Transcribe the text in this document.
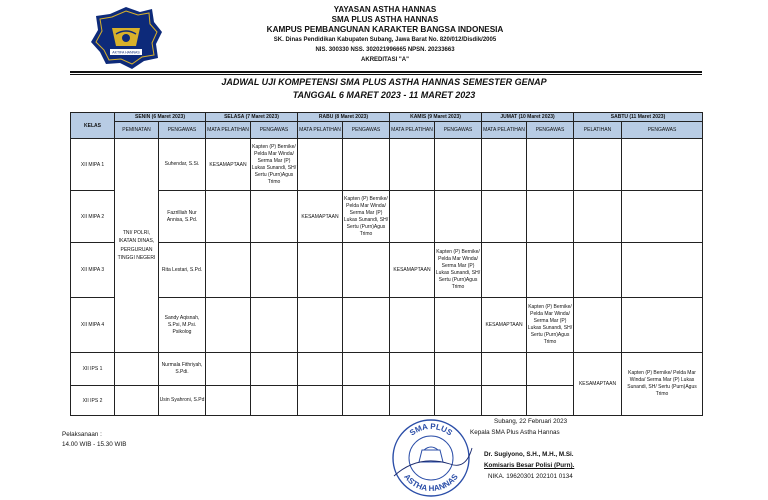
AKTIFA HANNAS
YAYASAN ASTHA HANNAS
SMA PLUS ASTHA HANNAS
KAMPUS PEMBANGUNAN KARAKTER BANGSA INDONESIA
SK. Dinas Pendidikan Kabupaten Subang, Jawa Barat No. 820/012/Disdik/2005
NIS. 300330 NSS. 302021996665 NPSN. 20233663
AKREDITASI "A"
JADWAL UJI KOMPETENSI SMA PLUS ASTHA HANNAS SEMESTER GENAP
TANGGAL 6 MARET 2023 - 11 MARET 2023
KELAS	SENIN (6 Maret 2023)		SELASA (7 Maret 2023)		RABU (8 Maret 2023)		KAMIS (9 Maret 2023)		JUMAT (10 Maret 2023)		SABTU (11 Maret 2023)	
	PEMINATAN	PENGAWAS	MATA PELATIHAN	PENGAWAS	MATA PELATIHAN	PENGAWAS	MATA PELATIHAN	PENGAWAS	MATA PELATIHAN	PENGAWAS	PELATIHAN	PENGAWAS
XII MIPA 1	TNI/ POLRI, IKATAN DINAS, PERGURUAN TINGGI NEGERI	Suhendar, S.Si.	KESAMAPTAAN	Kapten (P) Bernike/ Pelda Mar Winda/ Serma Mar (P) Lukas Sunandi, SH/ Sertu (Purn)Agus Trimo								
XII MIPA 2		Fazrilliah Nur Annisa, S.Pd.			KESAMAPTAAN	Kapten (P) Bernike/ Pelda Mar Winda/ Serma Mar (P) Lukas Sunandi, SH/ Sertu (Purn)Agus Trimo						
XII MIPA 3		Rita Lestari, S.Pd.					KESAMAPTAAN	Kapten (P) Bernike/ Pelda Mar Winda/ Serma Mar (P) Lukas Sunandi, SH/ Sertu (Purn)Agus Trimo				
XII MIPA 4		Sandy Aqisnah, S.Psi, M.Psi. Psikolog							KESAMAPTAAN	Kapten (P) Bernike/ Pelda Mar Winda/ Serma Mar (P) Lukas Sunandi, SH/ Sertu (Purn)Agus Trimo		
XII IPS 1		Nurmala Fithriyah, S.Pdi.									KESAMAPTAAN	Kapten (P) Bernike/ Pelda Mar Winda/ Serma Mar (P) Lukas Sunandi, SH/ Sertu (Purn)Agus Trimo
XII IPS 2		Usin Syahroni, S.Pd										
Pelaksanaan :
14.00 WIB - 15.30 WIB
SMA PLUS
ASTHA HANNAS
Subang, 22 Februari 2023
Kepala SMA Plus Astha Hannas
Dr. Sugiyono, S.H., M.H., M.Si.
Komisaris Besar Polisi (Purn).
NIKA. 19620301 202101 0134
